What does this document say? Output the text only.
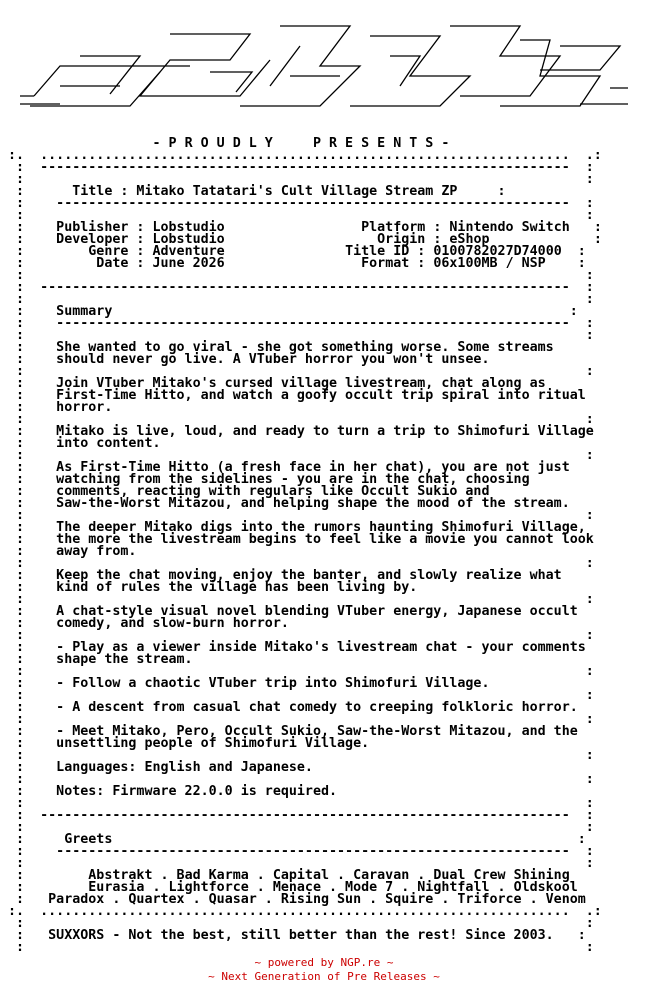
- P R O U D L Y     P R E S E N T S -
:.  ..................................................................  .:
:  ------------------------------------------------------------------  :
:                                                                      :
:	Title : Mitako Tatatari's Cult Village Stream ZP	:
:    ----------------------------------------------------------------  :
:                                                                      :
:    Publisher : Lobstudio	Platform : Nintendo Switch   :
:    Developer : Lobstudio	Origin : eShop	:
:	Genre : Adventure	Title ID : 0100782027D74000  :
:	Date : June 2026	Format : 06x100MB / NSP    :
:                                                                      :
:  ------------------------------------------------------------------  :
:                                                                      :
:    Summary	:
:    ----------------------------------------------------------------  :
:                                                                      :
:    She wanted to go viral - she got something worse. Some streams
:    should never go live. A VTuber horror you won't unsee.
:                                                                      :
:    Join VTuber Mitako's cursed village livestream, chat along as
:    First-Time Hitto, and watch a goofy occult trip spiral into ritual
:    horror.
:                                                                      :
:    Mitako is live, loud, and ready to turn a trip to Shimofuri Village
:    into content.
:                                                                      :
:    As First-Time Hitto (a fresh face in her chat), you are not just
:    watching from the sidelines - you are in the chat, choosing
:    comments, reacting with regulars like Occult Sukio and
:    Saw-the-Worst Mitazou, and helping shape the mood of the stream.
:                                                                      :
:    The deeper Mitako digs into the rumors haunting Shimofuri Village,
:    the more the livestream begins to feel like a movie you cannot look
:    away from.
:                                                                      :
:    Keep the chat moving, enjoy the banter, and slowly realize what
:    kind of rules the village has been living by.
:                                                                      :
:    A chat-style visual novel blending VTuber energy, Japanese occult
:    comedy, and slow-burn horror.
:                                                                      :
:    - Play as a viewer inside Mitako's livestream chat - your comments
:    shape the stream.
:                                                                      :
:    - Follow a chaotic VTuber trip into Shimofuri Village.
:                                                                      :
:    - A descent from casual chat comedy to creeping folkloric horror.
:                                                                      :
:    - Meet Mitako, Pero, Occult Sukio, Saw-the-Worst Mitazou, and the
:    unsettling people of Shimofuri Village.
:                                                                      :
:    Languages: English and Japanese.
:                                                                      :
:    Notes: Firmware 22.0.0 is required.
:                                                                      :
:  ------------------------------------------------------------------  :
:                                                                      :
:	Greets	:
:    ----------------------------------------------------------------  :
:                                                                      :
:        Abstrakt . Bad Karma . Capital . Caravan . Dual Crew Shining
:        Eurasia . Lightforce . Menace . Mode 7 . Nightfall . Oldskool
:   Paradox . Quartex . Quasar . Rising Sun . Squire . Triforce . Venom
:.  ..................................................................  .:
:                                                                      :
:   SUXXORS - Not the best, still better than the rest! Since 2003.   :
:                                                                      :

~ powered by NGP.re ~
~ Next Generation of Pre Releases ~
